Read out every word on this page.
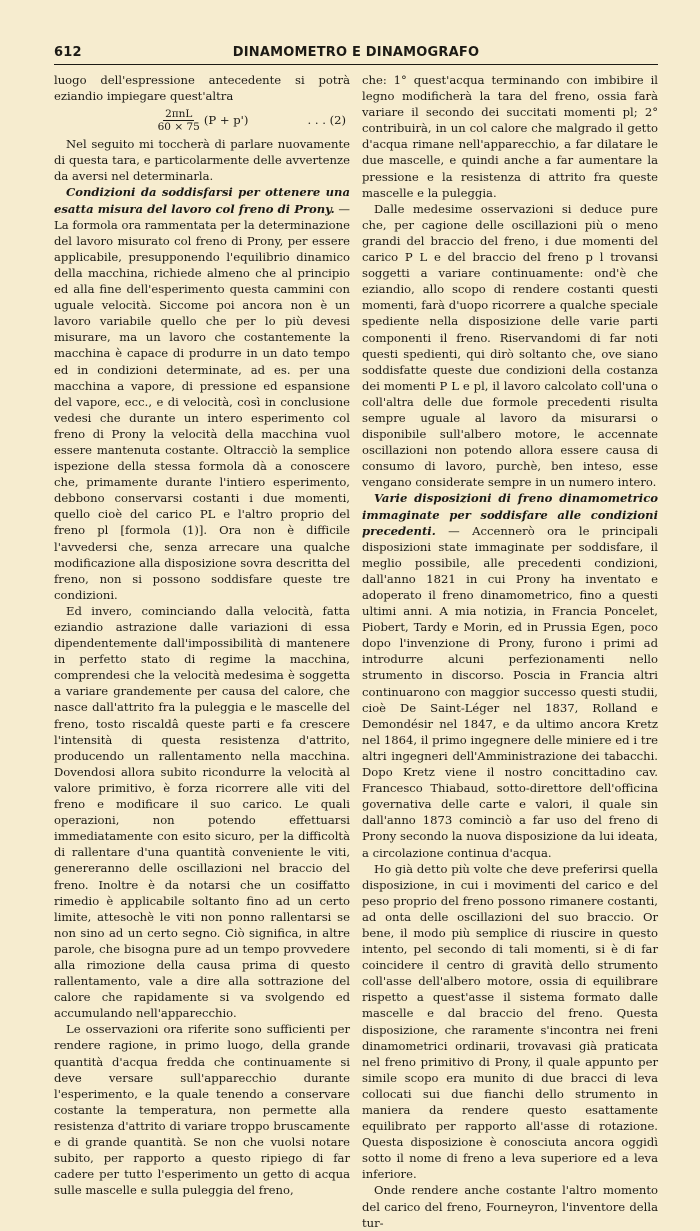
612	DINAMOMETRO E DINAMOGRAFO

luogo dell'espressione antecedente si potrà eziandio impiegare quest'altra

$\frac{\text{2πnL}}{60 \times 75} (P + p')$	. . . (2)

Nel seguito mi toccherà di parlare nuovamente di questa tara, e particolarmente delle avvertenze da aversi nel determinarla.

Condizioni da soddisfarsi per ottenere una esatta misura del lavoro col freno di Prony. — La formola ora rammentata per la determinazione del lavoro misurato col freno di Prony, per essere applicabile, presupponendo l'equilibrio dinamico della macchina, richiede almeno che al principio ed alla fine dell'esperimento questa cammini con uguale velocità. Siccome poi ancora non è un lavoro variabile quello che per lo più devesi misurare, ma un lavoro che costantemente la macchina è capace di produrre in un dato tempo ed in condizioni determinate, ad es. per una macchina a vapore, di pressione ed espansione del vapore, ecc., e di velocità, così in conclusione vedesi che durante un intero esperimento col freno di Prony la velocità della macchina vuol essere mantenuta costante. Oltracciò la semplice ispezione della stessa formola dà a conoscere che, primamente durante l'intiero esperimento, debbono conservarsi costanti i due momenti, quello cioè del carico PL e l'altro proprio del freno pl [formola (1)]. Ora non è difficile l'avvedersi che, senza arrecare una qualche modificazione alla disposizione sovra descritta del freno, non si possono soddisfare queste tre condizioni.

Ed invero, cominciando dalla velocità, fatta eziandio astrazione dalle variazioni di essa dipendentemente dall'impossibilità di mantenere in perfetto stato di regime la macchina, comprendesi che la velocità medesima è soggetta a variare grandemente per causa del calore, che nasce dall'attrito fra la puleggia e le mascelle del freno, tosto riscaldâ queste parti e fa crescere l'intensità di questa resistenza d'attrito, producendo un rallentamento nella macchina. Dovendosi allora subito ricondurre la velocità al valore primitivo, è forza ricorrere alle viti del freno e modificare il suo carico. Le quali operazioni, non potendo effettuarsi immediatamente con esito sicuro, per la difficoltà di rallentare d'una quantità conveniente le viti, genereranno delle oscillazioni nel braccio del freno. Inoltre è da notarsi che un cosiffatto rimedio è applicabile soltanto fino ad un certo limite, attesochè le viti non ponno rallentarsi se non sino ad un certo segno. Ciò significa, in altre parole, che bisogna pure ad un tempo provvedere alla rimozione della causa prima di questo rallentamento, vale a dire alla sottrazione del calore che rapidamente si va svolgendo ed accumulando nell'apparecchio.

Le osservazioni ora riferite sono sufficienti per rendere ragione, in primo luogo, della grande quantità d'acqua fredda che continuamente si deve versare sull'apparecchio durante l'esperimento, e la quale tenendo a conservare costante la temperatura, non permette alla resistenza d'attrito di variare troppo bruscamente e di grande quantità. Se non che vuolsi notare subito, per rapporto a questo ripiego di far cadere per tutto l'esperimento un getto di acqua sulle mascelle e sulla puleggia del freno,

che: 1° quest'acqua terminando con imbibire il legno modificherà la tara del freno, ossia farà variare il secondo dei succitati momenti pl; 2° contribuirà, in un col calore che malgrado il getto d'acqua rimane nell'apparecchio, a far dilatare le due mascelle, e quindi anche a far aumentare la pressione e la resistenza di attrito fra queste mascelle e la puleggia.

Dalle medesime osservazioni si deduce pure che, per cagione delle oscillazioni più o meno grandi del braccio del freno, i due momenti del carico P L e del braccio del freno p l trovansi soggetti a variare continuamente: ond'è che eziandio, allo scopo di rendere costanti questi momenti, farà d'uopo ricorrere a qualche speciale spediente nella disposizione delle varie parti componenti il freno. Riservandomi di far noti questi spedienti, qui dirò soltanto che, ove siano soddisfatte queste due condizioni della costanza dei momenti P L e pl, il lavoro calcolato coll'una o coll'altra delle due formole precedenti risulta sempre uguale al lavoro da misurarsi o disponibile sull'albero motore, le accennate oscillazioni non potendo allora essere causa di consumo di lavoro, purchè, ben inteso, esse vengano considerate sempre in un numero intero.

Varie disposizioni di freno dinamometrico immaginate per soddisfare alle condizioni precedenti. — Accennerò ora le principali disposizioni state immaginate per soddisfare, il meglio possibile, alle precedenti condizioni, dall'anno 1821 in cui Prony ha inventato e adoperato il freno dinamometrico, fino a questi ultimi anni. A mia notizia, in Francia Poncelet, Piobert, Tardy e Morin, ed in Prussia Egen, poco dopo l'invenzione di Prony, furono i primi ad introdurre alcuni perfezionamenti nello strumento in discorso. Poscia in Francia altri continuarono con maggior successo questi studii, cioè De Saint-Léger nel 1837, Rolland e Demondésir nel 1847, e da ultimo ancora Kretz nel 1864, il primo ingegnere delle miniere ed i tre altri ingegneri dell'Amministrazione dei tabacchi. Dopo Kretz viene il nostro concittadino cav. Francesco Thiabaud, sotto-direttore dell'officina governativa delle carte e valori, il quale sin dall'anno 1873 cominciò a far uso del freno di Prony secondo la nuova disposizione da lui ideata, a circolazione continua d'acqua.

Ho già detto più volte che deve preferirsi quella disposizione, in cui i movimenti del carico e del peso proprio del freno possono rimanere costanti, ad onta delle oscillazioni del suo braccio. Or bene, il modo più semplice di riuscire in questo intento, pel secondo di tali momenti, si è di far coincidere il centro di gravità dello strumento coll'asse dell'albero motore, ossia di equilibrare rispetto a quest'asse il sistema formato dalle mascelle e dal braccio del freno. Questa disposizione, che raramente s'incontra nei freni dinamometrici ordinarii, trovavasi già praticata nel freno primitivo di Prony, il quale appunto per simile scopo era munito di due bracci di leva collocati sui due fianchi dello strumento in maniera da rendere questo esattamente equilibrato per rapporto all'asse di rotazione. Questa disposizione è conosciuta ancora oggidì sotto il nome di freno a leva superiore ed a leva inferiore.

Onde rendere anche costante l'altro momento del carico del freno, Fourneyron, l'inventore della tur-
